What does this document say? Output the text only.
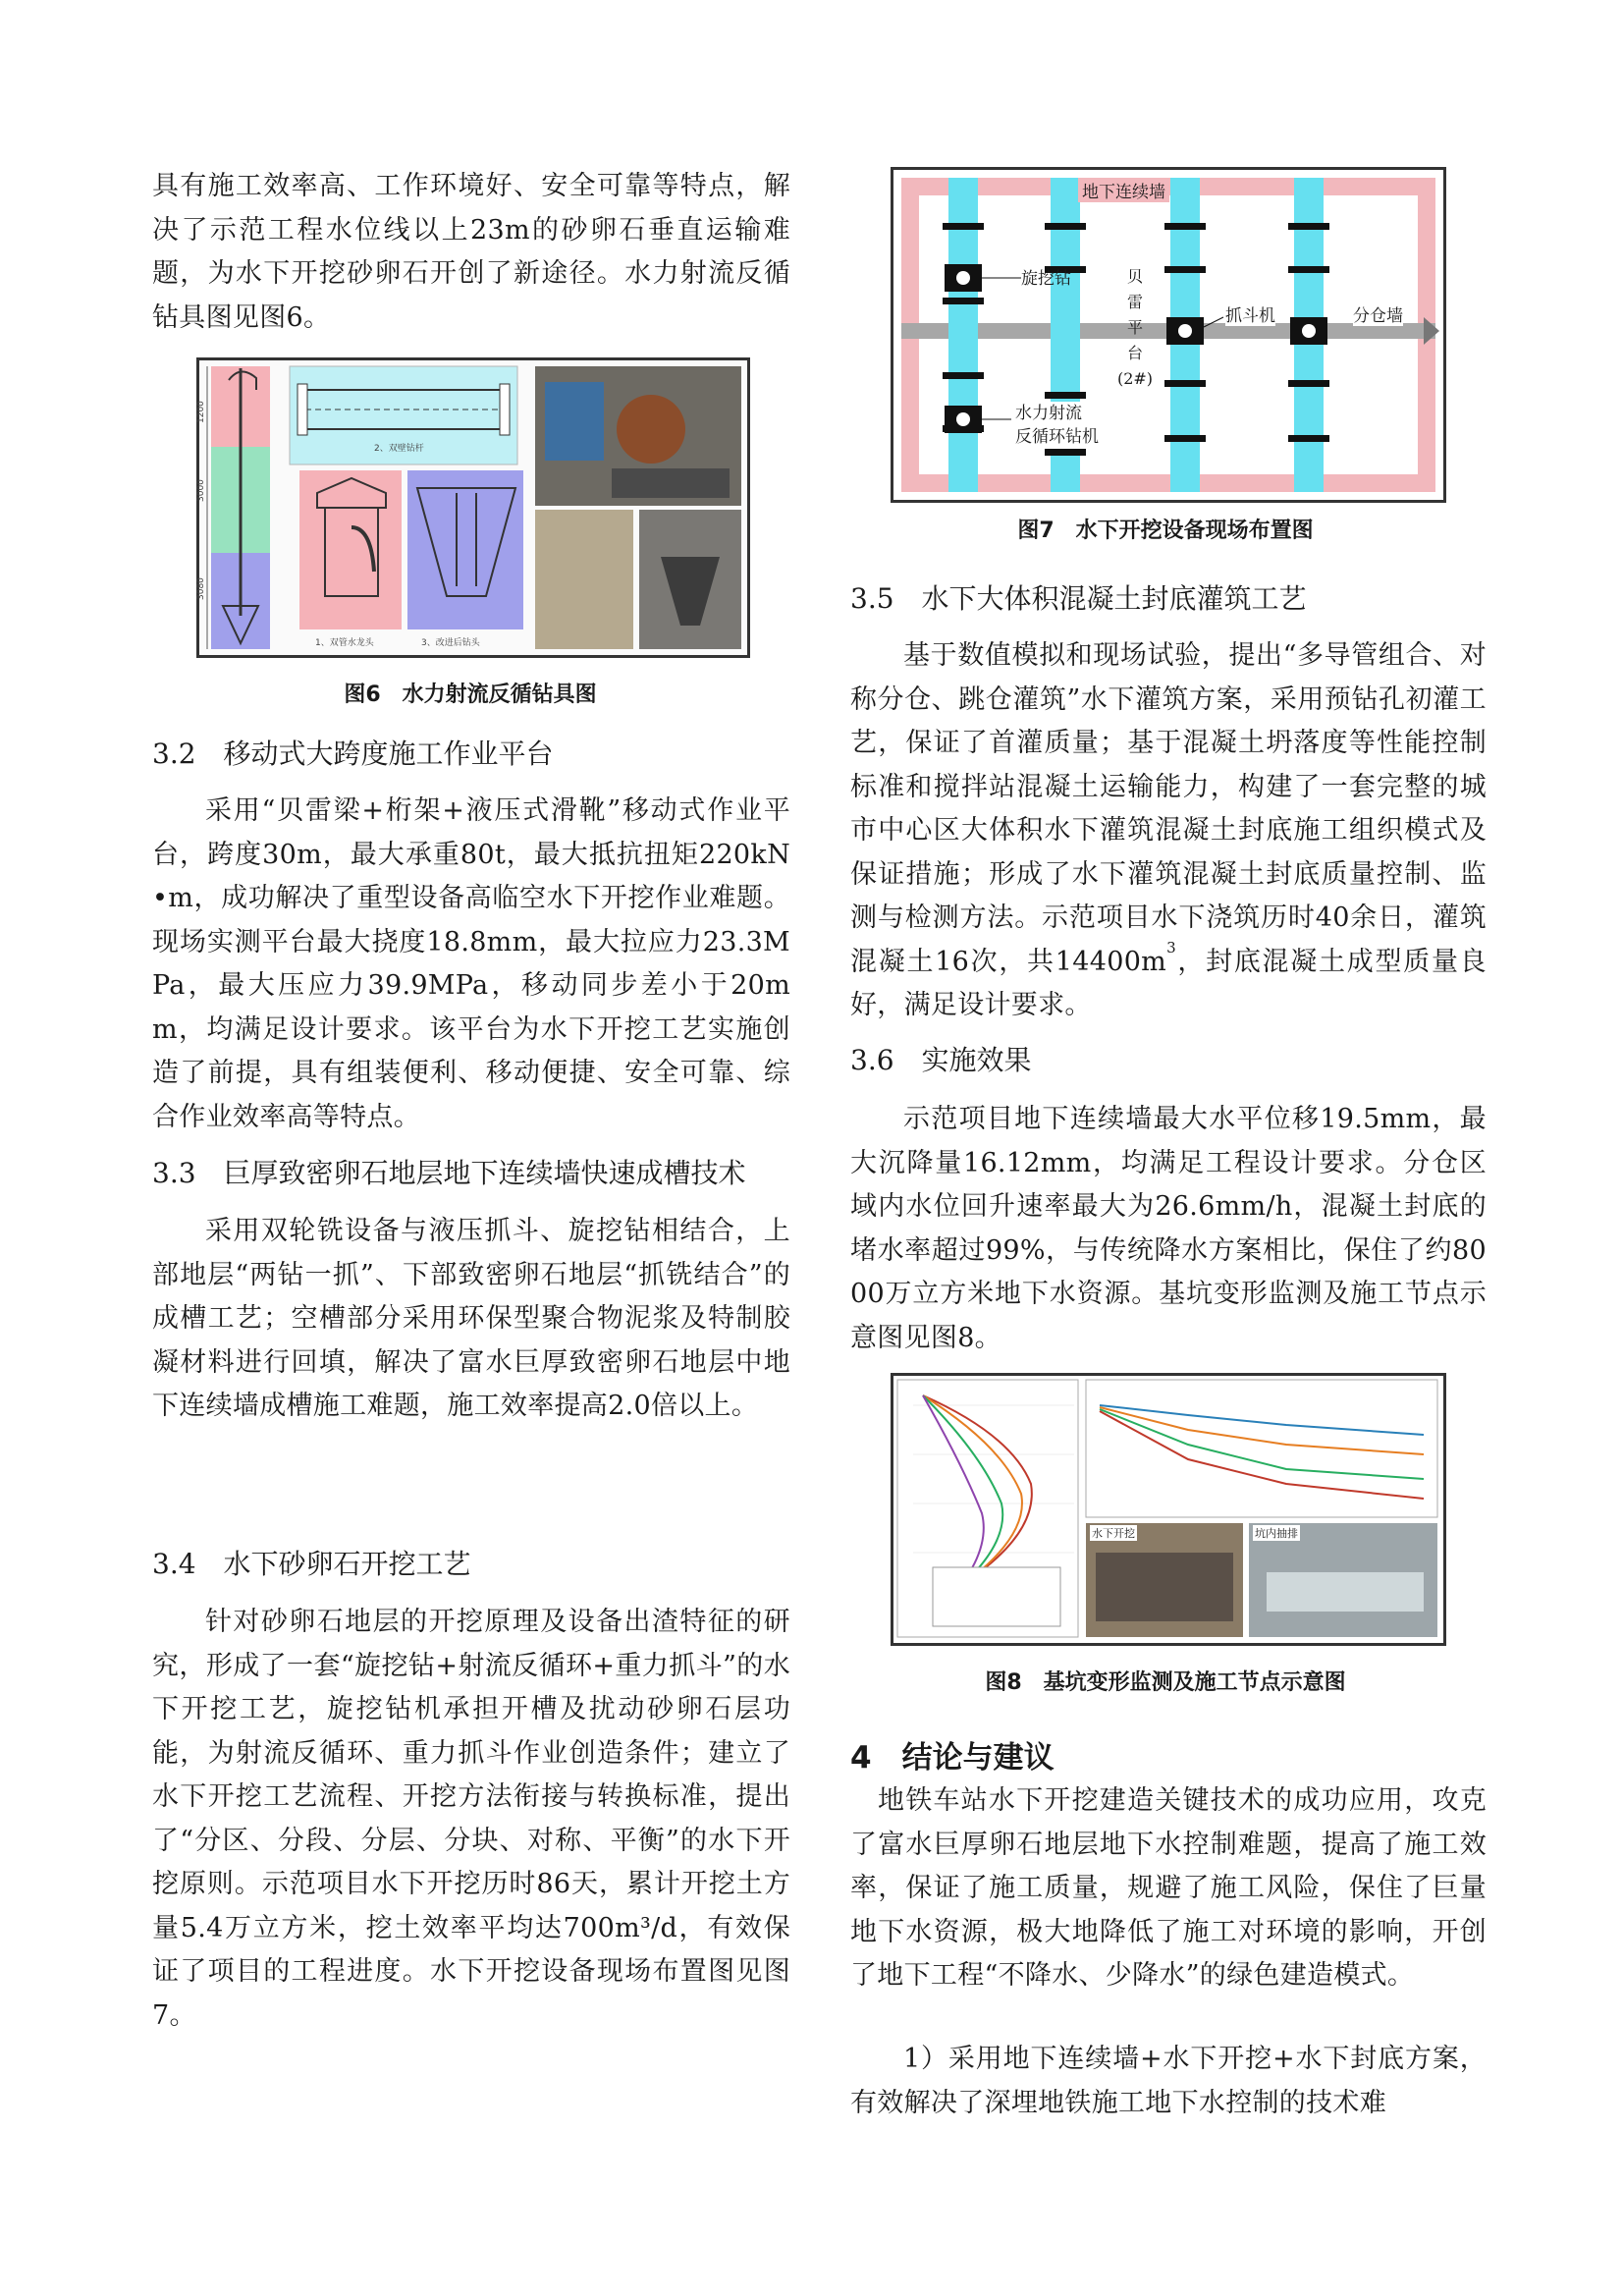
具有施工效率高、工作环境好、安全可靠等特点，解决了示范工程水位线以上23m的砂卵石垂直运输难题，为水下开挖砂卵石开创了新途径。水力射流反循钻具图见图6。
1200
3000
3080
2、双壁钻杆
1、双管水龙头	3、改进后钻头
图6　水力射流反循钻具图
3.2　移动式大跨度施工作业平台
采用“贝雷梁+桁架+液压式滑靴”移动式作业平台，跨度30m，最大承重80t，最大抵抗扭矩220kN•m，成功解决了重型设备高临空水下开挖作业难题。现场实测平台最大挠度18.8mm，最大拉应力23.3MPa，最大压应力39.9MPa，移动同步差小于20mm，均满足设计要求。该平台为水下开挖工艺实施创造了前提，具有组装便利、移动便捷、安全可靠、综合作业效率高等特点。
3.3　巨厚致密卵石地层地下连续墙快速成槽技术
采用双轮铣设备与液压抓斗、旋挖钻相结合，上部地层“两钻一抓”、下部致密卵石地层“抓铣结合”的成槽工艺；空槽部分采用环保型聚合物泥浆及特制胶凝材料进行回填，解决了富水巨厚致密卵石地层中地下连续墙成槽施工难题，施工效率提高2.0倍以上。
3.4　水下砂卵石开挖工艺
针对砂卵石地层的开挖原理及设备出渣特征的研究，形成了一套“旋挖钻+射流反循环+重力抓斗”的水下开挖工艺，旋挖钻机承担开槽及扰动砂卵石层功能，为射流反循环、重力抓斗作业创造条件；建立了水下开挖工艺流程、开挖方法衔接与转换标准，提出了“分区、分段、分层、分块、对称、平衡”的水下开挖原则。示范项目水下开挖历时86天，累计开挖土方量5.4万立方米，挖土效率平均达700m³/d，有效保证了项目的工程进度。水下开挖设备现场布置图见图7。
地下连续墙
旋挖钻	贝
雷
平
台
(2#)
抓斗机	分仓墙
水力射流
反循环钻机
图7　水下开挖设备现场布置图
3.5　水下大体积混凝土封底灌筑工艺
基于数值模拟和现场试验，提出“多导管组合、对称分仓、跳仓灌筑”水下灌筑方案，采用预钻孔初灌工艺，保证了首灌质量；基于混凝土坍落度等性能控制标准和搅拌站混凝土运输能力，构建了一套完整的城市中心区大体积水下灌筑混凝土封底施工组织模式及保证措施；形成了水下灌筑混凝土封底质量控制、监测与检测方法。示范项目水下浇筑历时40余日，灌筑混凝土16次，共$14400m^3$，封底混凝土成型质量良好，满足设计要求。
3.6　实施效果
示范项目地下连续墙最大水平位移19.5mm，最大沉降量16.12mm，均满足工程设计要求。分仓区域内水位回升速率最大为26.6mm/h，混凝土封底的堵水率超过99%，与传统降水方案相比，保住了约8000万立方米地下水资源。基坑变形监测及施工节点示意图见图8。
水下开挖	坑内抽排
图8　基坑变形监测及施工节点示意图
4　结论与建议
地铁车站水下开挖建造关键技术的成功应用，攻克了富水巨厚卵石地层地下水控制难题，提高了施工效率，保证了施工质量，规避了施工风险，保住了巨量地下水资源，极大地降低了施工对环境的影响，开创了地下工程“不降水、少降水”的绿色建造模式。
1）采用地下连续墙+水下开挖+水下封底方案，有效解决了深埋地铁施工地下水控制的技术难
